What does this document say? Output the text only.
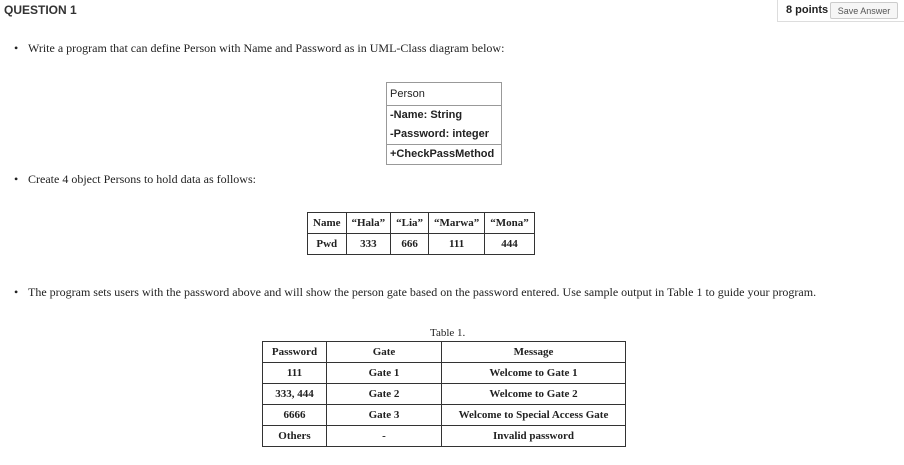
QUESTION 1	8 points	Save Answer
• Write a program that can define Person with Name and Password as in UML-Class diagram below:
Person
-Name: String
-Password: integer
+CheckPassMethod
• Create 4 object Persons to hold data as follows:
Name	“Hala”	“Lia”	“Marwa”	“Mona”
Pwd	333	666	111	444
• The program sets users with the password above and will show the person gate based on the password entered. Use sample output in Table 1 to guide your program.
Table 1.
Password	Gate	Message
111	Gate 1	Welcome to Gate 1
333, 444	Gate 2	Welcome to Gate 2
6666	Gate 3	Welcome to Special Access Gate
Others	-	Invalid password
